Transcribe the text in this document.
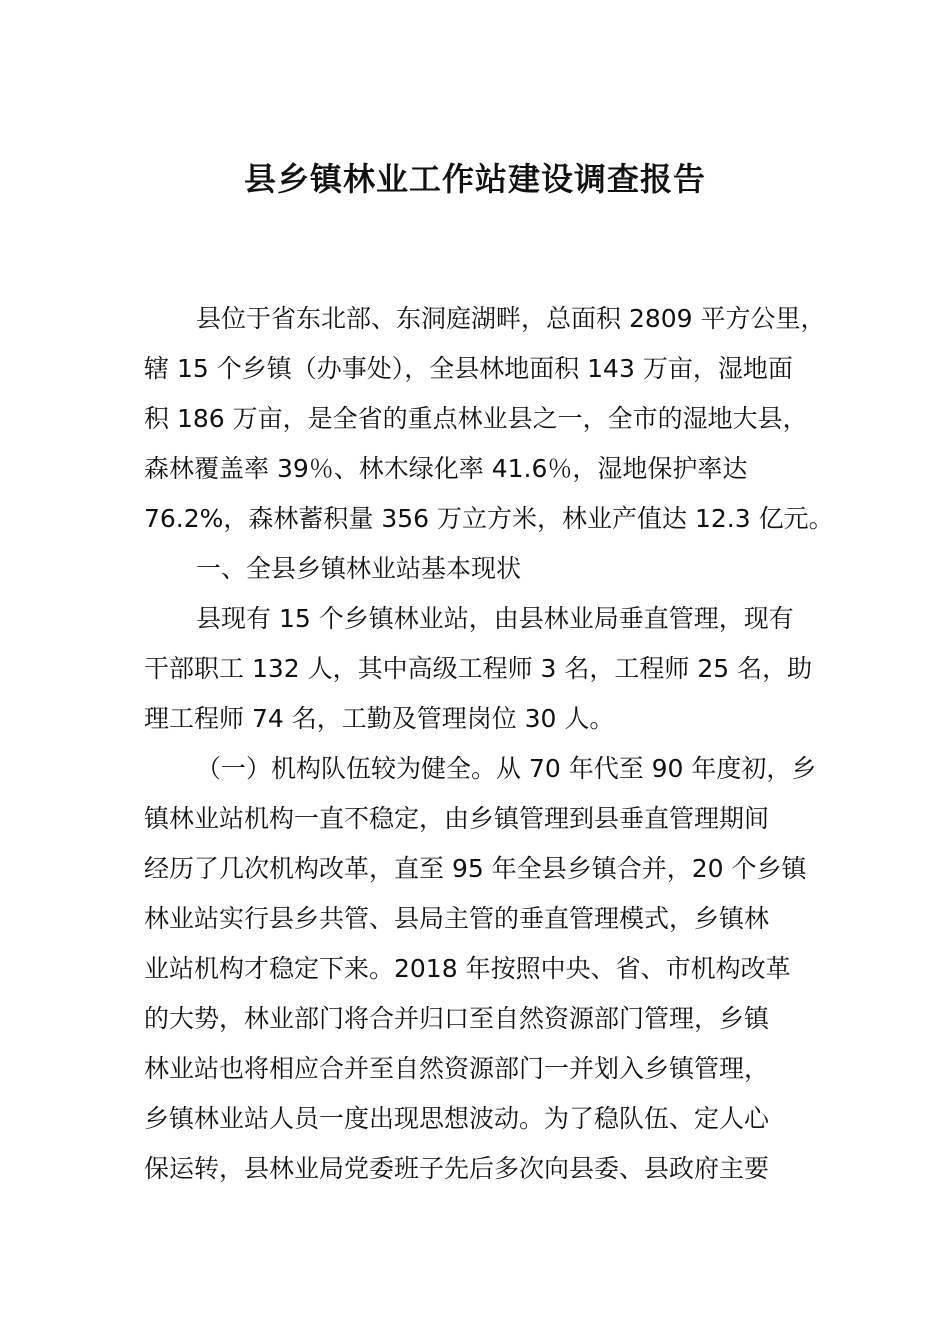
县乡镇林业工作站建设调查报告
县位于省东北部、东洞庭湖畔，总面积 2809 平方公里，
辖 15 个乡镇（办事处），全县林地面积 143 万亩，湿地面
积 186 万亩，是全省的重点林业县之一，全市的湿地大县，
森林覆盖率 39％、林木绿化率 41.6％，湿地保护率达
76.2%，森林蓄积量 356 万立方米，林业产值达 12.3 亿元。
一、全县乡镇林业站基本现状
县现有 15 个乡镇林业站，由县林业局垂直管理，现有
干部职工 132 人，其中高级工程师 3 名，工程师 25 名，助
理工程师 74 名，工勤及管理岗位 30 人。
（一）机构队伍较为健全。从 70 年代至 90 年度初，乡
镇林业站机构一直不稳定，由乡镇管理到县垂直管理期间
经历了几次机构改革，直至 95 年全县乡镇合并，20 个乡镇
林业站实行县乡共管、县局主管的垂直管理模式，乡镇林
业站机构才稳定下来。2018 年按照中央、省、市机构改革
的大势，林业部门将合并归口至自然资源部门管理，乡镇
林业站也将相应合并至自然资源部门一并划入乡镇管理，
乡镇林业站人员一度出现思想波动。为了稳队伍、定人心
保运转，县林业局党委班子先后多次向县委、县政府主要
